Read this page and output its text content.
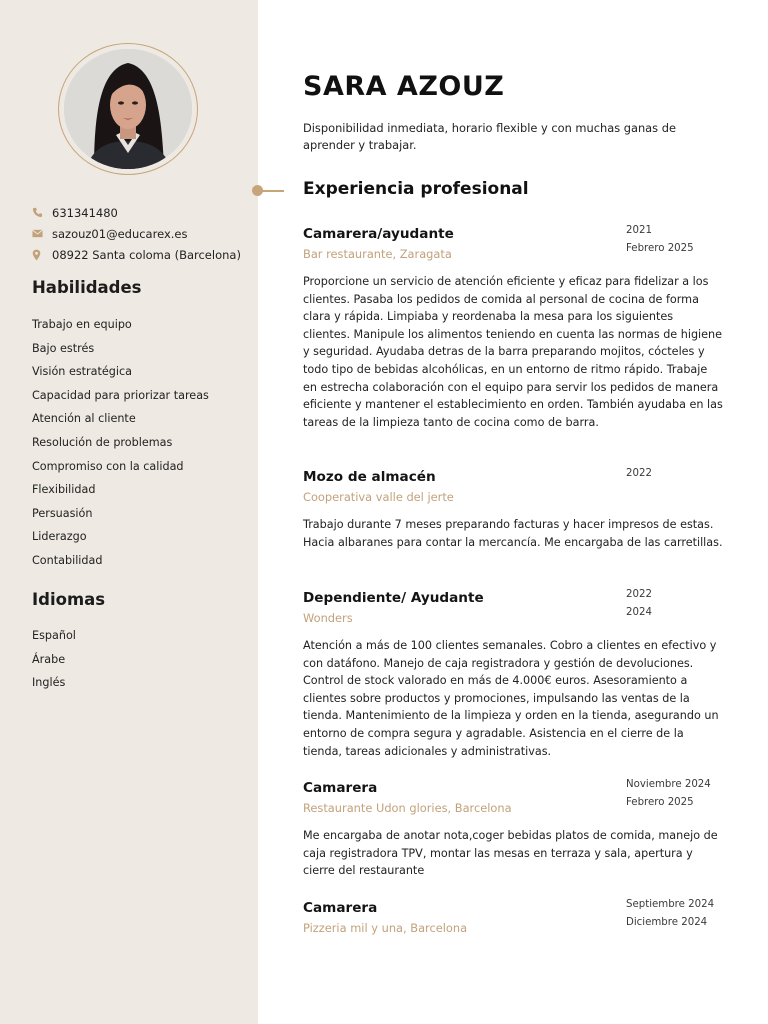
631341480
sazouz01@educarex.es
08922 Santa coloma (Barcelona)
Habilidades
Trabajo en equipo
Bajo estrés
Visión estratégica
Capacidad para priorizar tareas
Atención al cliente
Resolución de problemas
Compromiso con la calidad
Flexibilidad
Persuasión
Liderazgo
Contabilidad
Idiomas
Español
Árabe
Inglés
SARA AZOUZ

Disponibilidad inmediata, horario flexible y con muchas ganas de aprender y trabajar.

Experiencia profesional
Camarera/ayudante
Bar restaurante, Zaragata
2021
Febrero 2025

Proporcione un servicio de atención eficiente y eficaz para fidelizar a los clientes. Pasaba los pedidos de comida al personal de cocina de forma clara y rápida. Limpiaba y reordenaba la mesa para los siguientes clientes. Manipule los alimentos teniendo en cuenta las normas de higiene y seguridad. Ayudaba detras de la barra preparando mojitos, cócteles y todo tipo de bebidas alcohólicas, en un entorno de ritmo rápido. Trabaje en estrecha colaboración con el equipo para servir los pedidos de manera eficiente y mantener el establecimiento en orden. También ayudaba en las tareas de la limpieza tanto de cocina como de barra.

Mozo de almacén
Cooperativa valle del jerte
2022

Trabajo durante 7 meses preparando facturas y hacer impresos de estas. Hacia albaranes para contar la mercancía. Me encargaba de las carretillas.

Dependiente/ Ayudante
Wonders
2022
2024

Atención a más de 100 clientes semanales. Cobro a clientes en efectivo y con datáfono. Manejo de caja registradora y gestión de devoluciones. Control de stock valorado en más de 4.000€ euros. Asesoramiento a clientes sobre productos y promociones, impulsando las ventas de la tienda. Mantenimiento de la limpieza y orden en la tienda, asegurando un entorno de compra segura y agradable. Asistencia en el cierre de la tienda, tareas adicionales y administrativas.

Camarera
Restaurante Udon glories, Barcelona
Noviembre 2024
Febrero 2025

Me encargaba de anotar nota,coger bebidas platos de comida, manejo de caja registradora TPV, montar las mesas en terraza y sala, apertura y cierre del restaurante

Camarera
Pizzeria mil y una, Barcelona
Septiembre 2024
Diciembre 2024
